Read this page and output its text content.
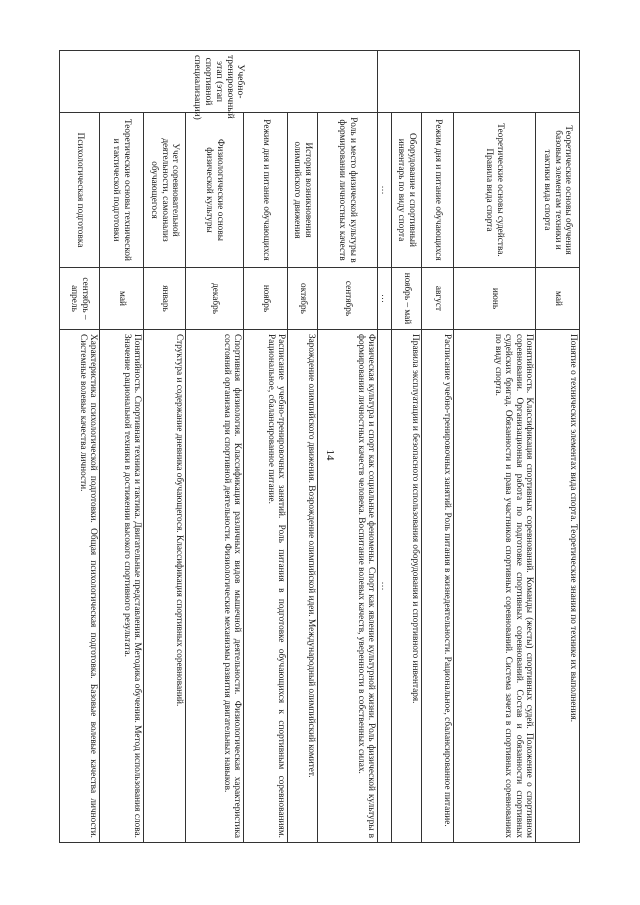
14
	Теоретические основы обучения базовым элементам техники и тактики вида спорта	май	Понятие о технических элементах вида спорта. Теоретические знания по технике их выполнения.
	Теоретические основы судейства. Правила вида спорта	июнь	Понятийность. Классификация спортивных соревнований. Команды (жесты) спортивных судей. Положение о спортивном соревновании. Организационная работа по подготовке спортивных соревнований. Состав и обязанности спортивных судейских бригад. Обязанности и права участников спортивных соревнований. Система зачета в спортивных соревнованиях по виду спорта.
	Режим дня и питание обучающихся	август	Расписание учебно-тренировочных занятий. Роль питания в жизнедеятельности. Рациональное, сбалансированное питание.
	Оборудование и спортивный инвентарь по виду спорта	ноябрь – май	Правила эксплуатации и безопасного использования оборудования и спортивного инвентаря.
	…	…	…
Учебно-тренировочный этап (этап спортивной специализации)	Роль и место физической культуры в формировании личностных качеств	сентябрь	Физическая культура и спорт как социальные феномены. Спорт как явление культурной жизни. Роль физической культуры в формировании личностных качеств человека. Воспитание волевых качеств, уверенности в собственных силах.
	История возникновения олимпийского движения	октябрь	Зарождение олимпийского движения. Возрождение олимпийской идеи. Международный олимпийский комитет.
	Режим дня и питание обучающихся	ноябрь	Расписание учебно-тренировочных занятий. Роль питания в подготовке обучающихся к спортивным соревнованиям. Рациональное, сбалансированное питание.
	Физиологические основы физической культуры	декабрь	Спортивная физиология. Классификация различных видов мышечной деятельности. Физиологическая характеристика состояний организма при спортивной деятельности. Физиологические механизмы развития двигательных навыков.
	Учет соревновательной деятельности, самоанализ обучающегося	январь	Структура и содержание дневника обучающегося. Классификация спортивных соревнований.
	Теоретические основы технической и тактической подготовки	май	Понятийность. Спортивная техника и тактика. Двигательные представления. Методика обучения. Метод использования слова. Значение рациональной техники в достижении высокого спортивного результата.
	Психологическая подготовка	сентябрь – апрель	Характеристика психологической подготовки. Общая психологическая подготовка. Базовые волевые качества личности. Системные волевые качества личности.
